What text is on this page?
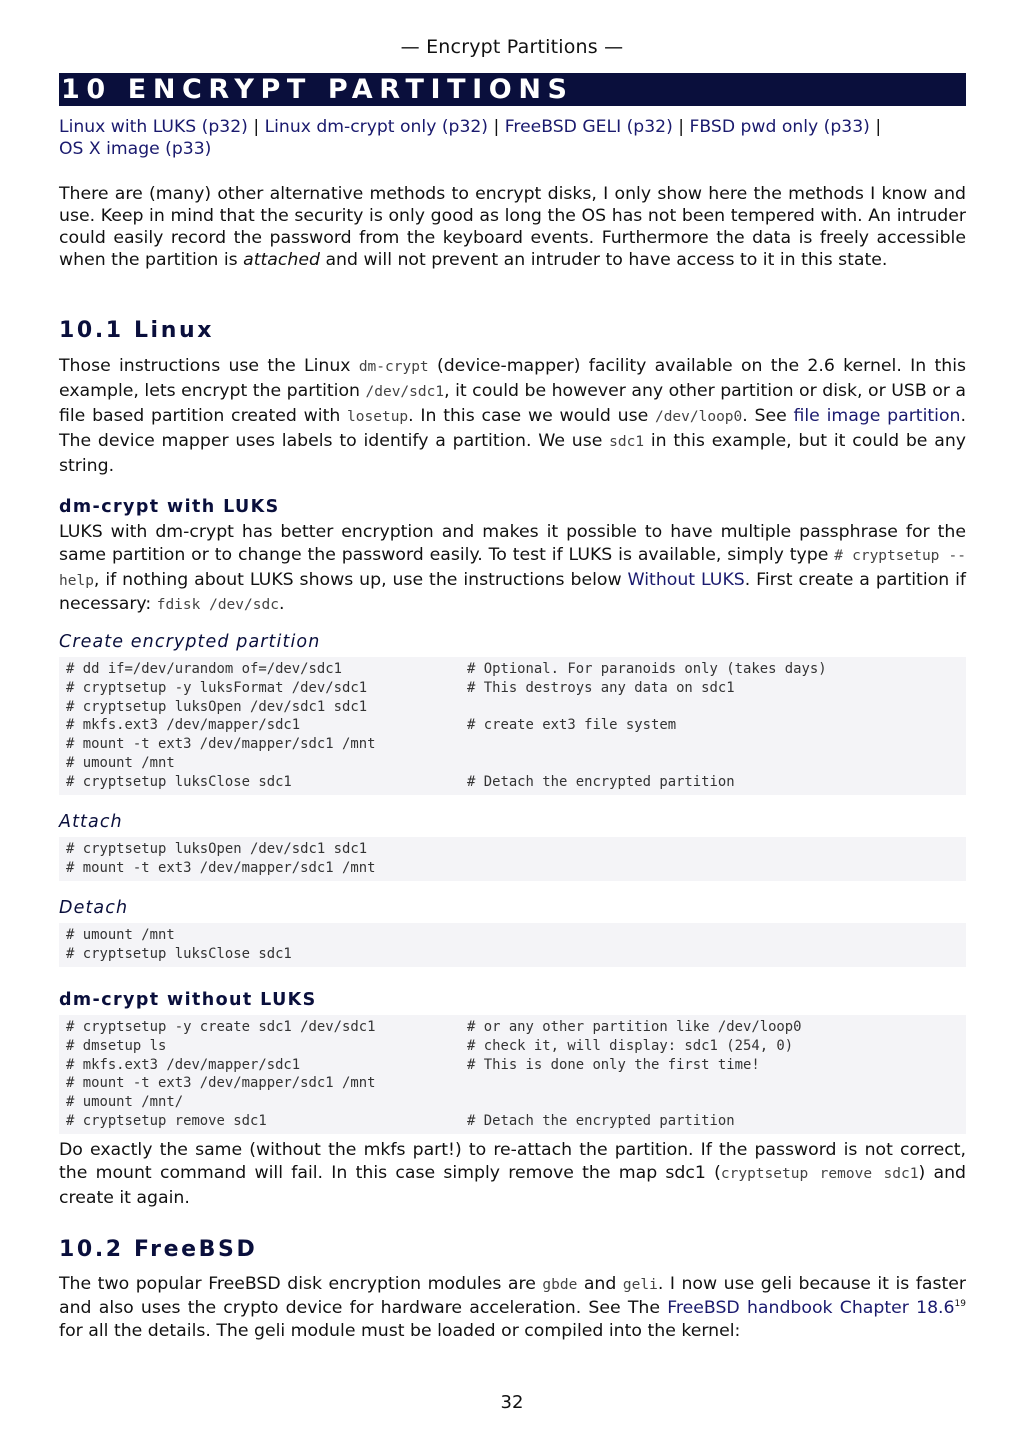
— Encrypt Partitions —
10 ENCRYPT PARTITIONS
Linux with LUKS (p32) | Linux dm-crypt only (p32) | FreeBSD GELI (p32) | FBSD pwd only (p33) |
OS X image (p33)

There are (many) other alternative methods to encrypt disks, I only show here the methods I know and use. Keep in mind that the security is only good as long the OS has not been tempered with. An intruder could easily record the password from the keyboard events. Furthermore the data is freely accessible when the partition is attached and will not prevent an intruder to have access to it in this state.

10.1 Linux

Those instructions use the Linux dm-crypt (device-mapper) facility available on the 2.6 kernel. In this example, lets encrypt the partition /dev/sdc1, it could be however any other partition or disk, or USB or a file based partition created with losetup. In this case we would use /dev/loop0. See file image partition. The device mapper uses labels to identify a partition. We use sdc1 in this example, but it could be any string.

dm-crypt with LUKS

LUKS with dm-crypt has better encryption and makes it possible to have multiple passphrase for the same partition or to change the password easily. To test if LUKS is available, simply type # cryptsetup --help, if nothing about LUKS shows up, use the instructions below Without LUKS. First create a partition if necessary: fdisk /dev/sdc.

Create encrypted partition
# dd if=/dev/urandom of=/dev/sdc1	# Optional. For paranoids only (takes days)
# cryptsetup -y luksFormat /dev/sdc1	# This destroys any data on sdc1
# cryptsetup luksOpen /dev/sdc1 sdc1
# mkfs.ext3 /dev/mapper/sdc1	# create ext3 file system
# mount -t ext3 /dev/mapper/sdc1 /mnt
# umount /mnt
# cryptsetup luksClose sdc1	# Detach the encrypted partition
Attach
# cryptsetup luksOpen /dev/sdc1 sdc1
# mount -t ext3 /dev/mapper/sdc1 /mnt
Detach
# umount /mnt
# cryptsetup luksClose sdc1
dm-crypt without LUKS
# cryptsetup -y create sdc1 /dev/sdc1	# or any other partition like /dev/loop0
# dmsetup ls	# check it, will display: sdc1 (254, 0)
# mkfs.ext3 /dev/mapper/sdc1	# This is done only the first time!
# mount -t ext3 /dev/mapper/sdc1 /mnt
# umount /mnt/
# cryptsetup remove sdc1	# Detach the encrypted partition

Do exactly the same (without the mkfs part!) to re-attach the partition. If the password is not correct, the mount command will fail. In this case simply remove the map sdc1 (cryptsetup remove sdc1) and create it again.

10.2 FreeBSD

The two popular FreeBSD disk encryption modules are gbde and geli. I now use geli because it is faster and also uses the crypto device for hardware acceleration. See The FreeBSD handbook Chapter 18.6$^{19}$ for all the details. The geli module must be loaded or compiled into the kernel:

32
